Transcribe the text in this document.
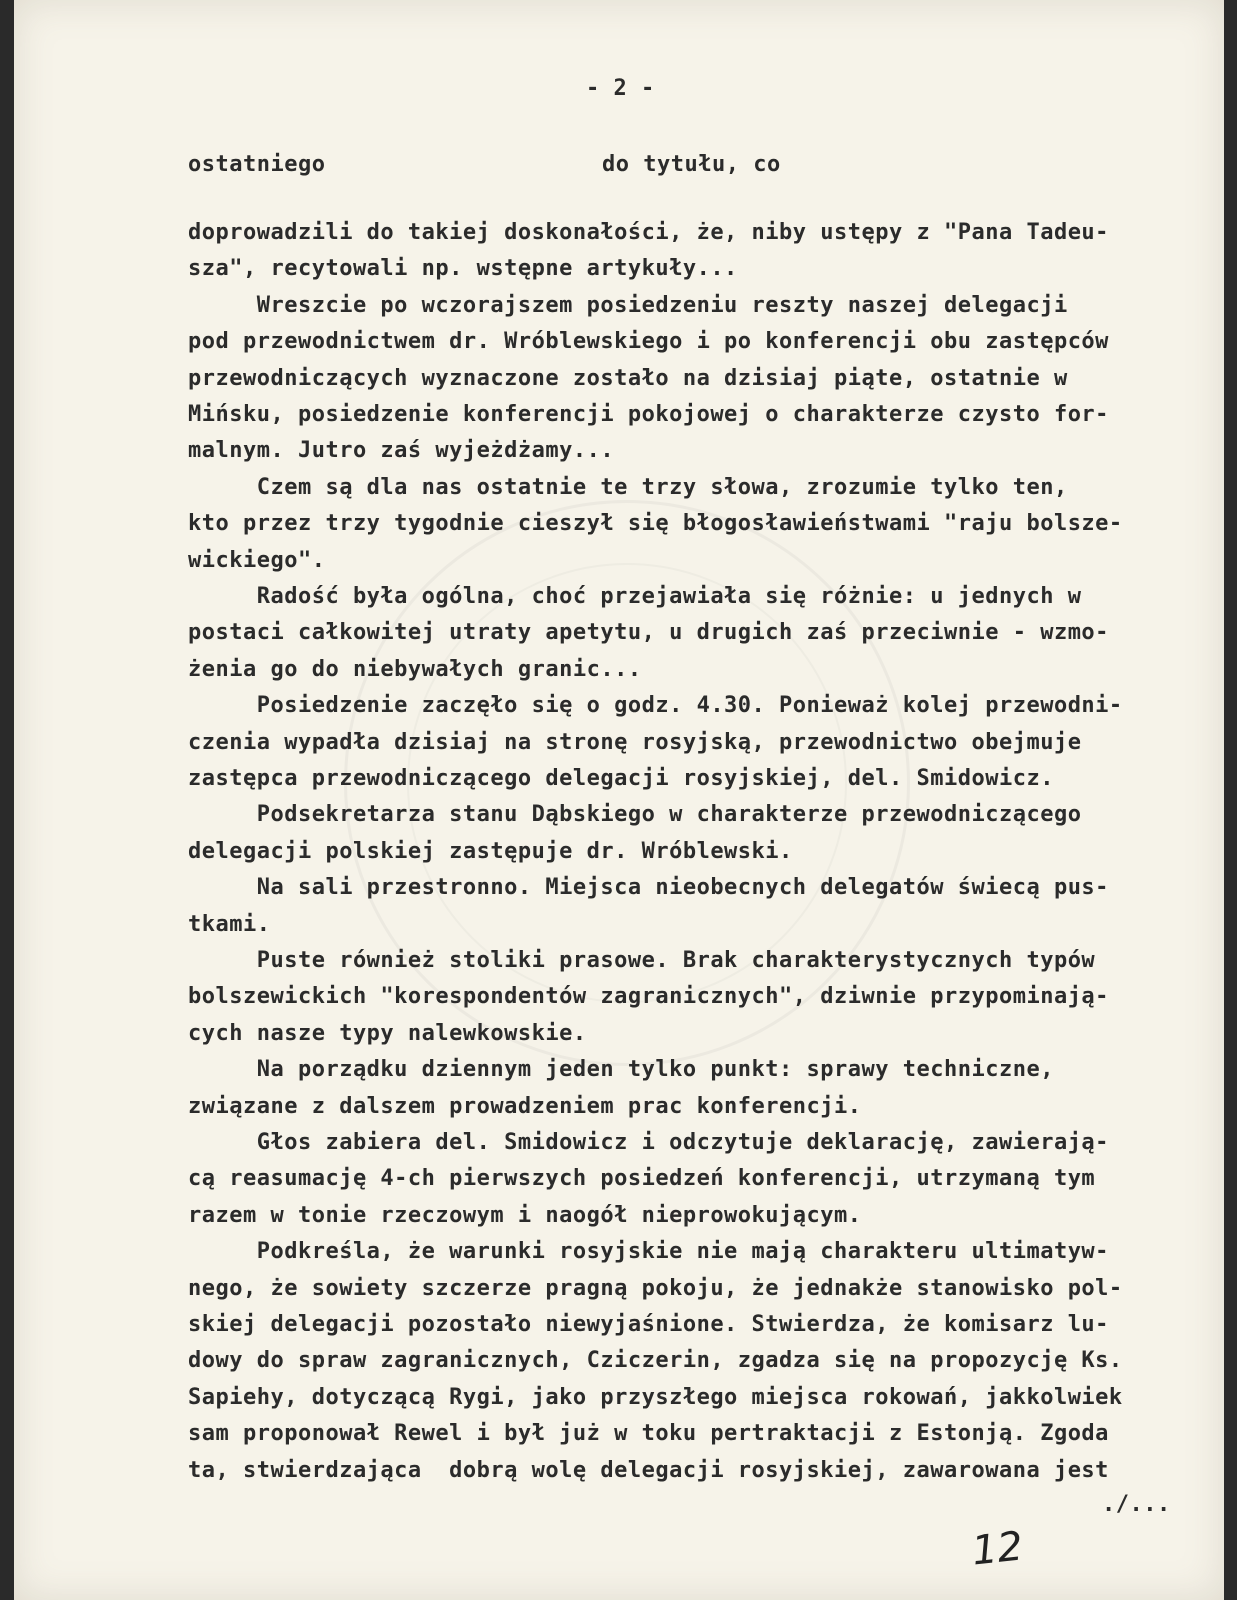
- 2 -

ostatniego

	do tytułu, co

doprowadzili do takiej doskonałości, że, niby ustępy z "Pana Tadeu-

sza", recytowali np. wstępne artykuły...

Wreszcie po wczorajszem posiedzeniu reszty naszej delegacji

pod przewodnictwem dr. Wróblewskiego i po konferencji obu zastępców

przewodniczących wyznaczone zostało na dzisiaj piąte, ostatnie w

Mińsku, posiedzenie konferencji pokojowej o charakterze czysto for-

malnym. Jutro zaś wyjeżdżamy...

Czem są dla nas ostatnie te trzy słowa, zrozumie tylko ten,

kto przez trzy tygodnie cieszył się błogosławieństwami "raju bolsze-

wickiego".

Radość była ogólna, choć przejawiała się różnie: u jednych w

postaci całkowitej utraty apetytu, u drugich zaś przeciwnie - wzmo-

żenia go do niebywałych granic...

Posiedzenie zaczęło się o godz. 4.30. Ponieważ kolej przewodni-

czenia wypadła dzisiaj na stronę rosyjską, przewodnictwo obejmuje

zastępca przewodniczącego delegacji rosyjskiej, del. Smidowicz.

Podsekretarza stanu Dąbskiego w charakterze przewodniczącego

delegacji polskiej zastępuje dr. Wróblewski.

Na sali przestronno. Miejsca nieobecnych delegatów świecą pus-

tkami.

Puste również stoliki prasowe. Brak charakterystycznych typów

bolszewickich "korespondentów zagranicznych", dziwnie przypominają-

cych nasze typy nalewkowskie.

Na porządku dziennym jeden tylko punkt: sprawy techniczne,

związane z dalszem prowadzeniem prac konferencji.

Głos zabiera del. Smidowicz i odczytuje deklarację, zawierają-

cą reasumację 4-ch pierwszych posiedzeń konferencji, utrzymaną tym

razem w tonie rzeczowym i naogół nieprowokującym.

Podkreśla, że warunki rosyjskie nie mają charakteru ultimatyw-

nego, że sowiety szczerze pragną pokoju, że jednakże stanowisko pol-

skiej delegacji pozostało niewyjaśnione. Stwierdza, że komisarz lu-

dowy do spraw zagranicznych, Cziczerin, zgadza się na propozycję Ks.

Sapiehy, dotyczącą Rygi, jako przyszłego miejsca rokowań, jakkolwiek

sam proponował Rewel i był już w toku pertraktacji z Estonją. Zgoda

ta, stwierdzająca  dobrą wolę delegacji rosyjskiej, zawarowana jest

./...

12
